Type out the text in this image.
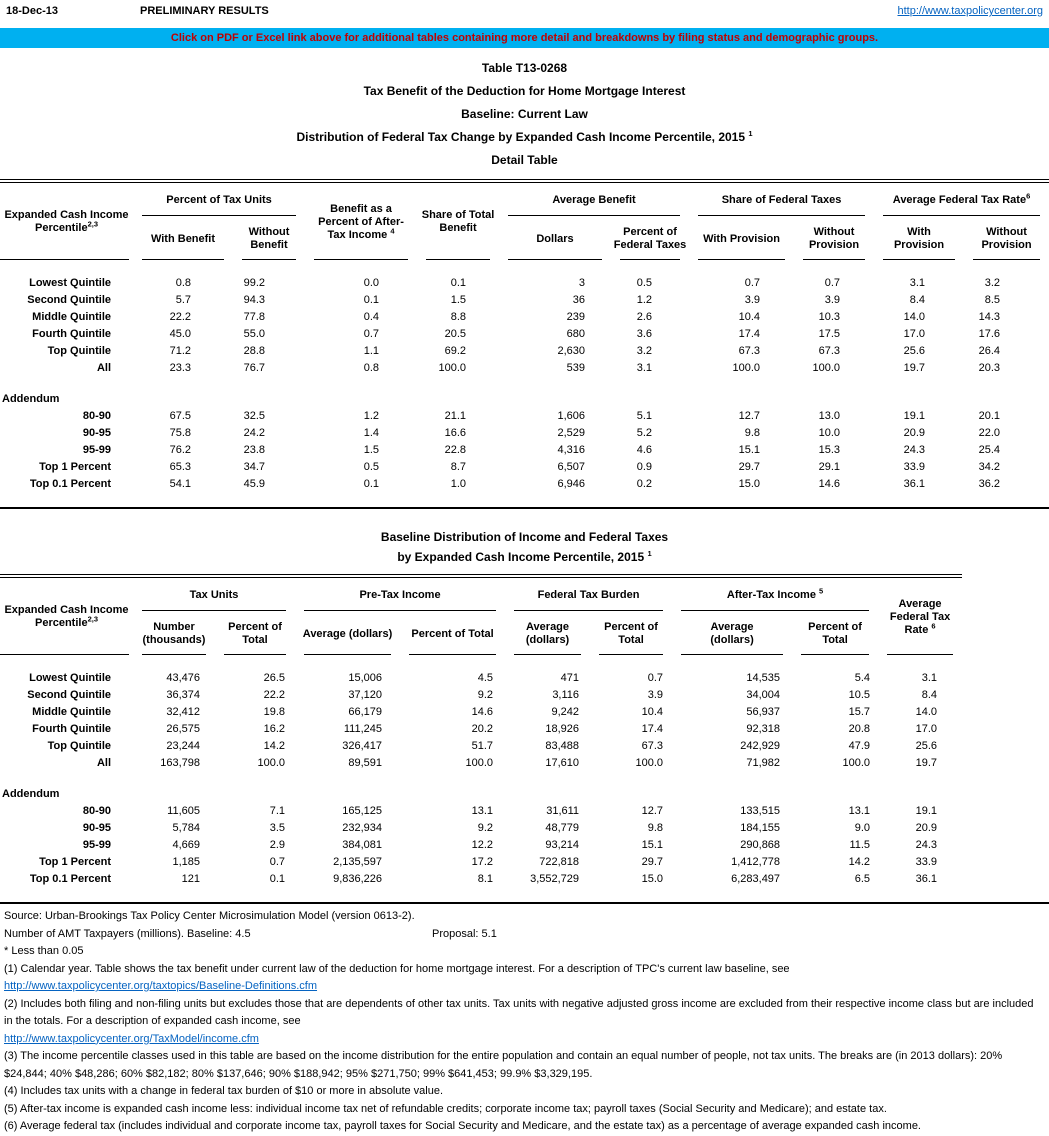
18-Dec-13	PRELIMINARY RESULTS	http://www.taxpolicycenter.org
Click on PDF or Excel link above for additional tables containing more detail and breakdowns by filing status and demographic groups.
Table T13-0268
Tax Benefit of the Deduction for Home Mortgage Interest
Baseline: Current Law
Distribution of Federal Tax Change by Expanded Cash Income Percentile, 2015 $^1$
Detail Table
Expanded Cash Income
Percentile$^{2,3}$	Percent of Tax Units		Benefit as a Percent of After-Tax Income $^4$	Share of Total Benefit	Average Benefit		Share of Federal Taxes		Average Federal Tax Rate$^6$
	With Benefit	Without Benefit			Dollars	Percent of Federal Taxes	With Provision	Without Provision	With Provision	Without Provision

Lowest Quintile	0.8	99.2	0.0	0.1	3	0.5	0.7	0.7	3.1	3.2
Second Quintile	5.7	94.3	0.1	1.5	36	1.2	3.9	3.9	8.4	8.5
Middle Quintile	22.2	77.8	0.4	8.8	239	2.6	10.4	10.3	14.0	14.3
Fourth Quintile	45.0	55.0	0.7	20.5	680	3.6	17.4	17.5	17.0	17.6
Top Quintile	71.2	28.8	1.1	69.2	2,630	3.2	67.3	67.3	25.6	26.4
All	23.3	76.7	0.8	100.0	539	3.1	100.0	100.0	19.7	20.3

Addendum										
80-90	67.5	32.5	1.2	21.1	1,606	5.1	12.7	13.0	19.1	20.1
90-95	75.8	24.2	1.4	16.6	2,529	5.2	9.8	10.0	20.9	22.0
95-99	76.2	23.8	1.5	22.8	4,316	4.6	15.1	15.3	24.3	25.4
Top 1 Percent	65.3	34.7	0.5	8.7	6,507	0.9	29.7	29.1	33.9	34.2
Top 0.1 Percent	54.1	45.9	0.1	1.0	6,946	0.2	15.0	14.6	36.1	36.2

Baseline Distribution of Income and Federal Taxes
by Expanded Cash Income Percentile, 2015 $^1$
Expanded Cash Income
Percentile$^{2,3}$	Tax Units		Pre-Tax Income		Federal Tax Burden		After-Tax Income $^5$		Average Federal Tax Rate $^6$
	Number (thousands)	Percent of Total	Average (dollars)	Percent of Total	Average (dollars)	Percent of Total	Average (dollars)	Percent of Total	

Lowest Quintile	43,476	26.5	15,006	4.5	471	0.7	14,535	5.4	3.1
Second Quintile	36,374	22.2	37,120	9.2	3,116	3.9	34,004	10.5	8.4
Middle Quintile	32,412	19.8	66,179	14.6	9,242	10.4	56,937	15.7	14.0
Fourth Quintile	26,575	16.2	111,245	20.2	18,926	17.4	92,318	20.8	17.0
Top Quintile	23,244	14.2	326,417	51.7	83,488	67.3	242,929	47.9	25.6
All	163,798	100.0	89,591	100.0	17,610	100.0	71,982	100.0	19.7

Addendum									
80-90	11,605	7.1	165,125	13.1	31,611	12.7	133,515	13.1	19.1
90-95	5,784	3.5	232,934	9.2	48,779	9.8	184,155	9.0	20.9
95-99	4,669	2.9	384,081	12.2	93,214	15.1	290,868	11.5	24.3
Top 1 Percent	1,185	0.7	2,135,597	17.2	722,818	29.7	1,412,778	14.2	33.9
Top 0.1 Percent	121	0.1	9,836,226	8.1	3,552,729	15.0	6,283,497	6.5	36.1

Source: Urban-Brookings Tax Policy Center Microsimulation Model (version 0613-2).
Number of AMT Taxpayers (millions). Baseline: 4.5	Proposal: 5.1
* Less than 0.05
(1) Calendar year. Table shows the tax benefit under current law of the deduction for home mortgage interest. For a description of TPC's current law baseline, see
http://www.taxpolicycenter.org/taxtopics/Baseline-Definitions.cfm
(2) Includes both filing and non-filing units but excludes those that are dependents of other tax units. Tax units with negative adjusted gross income are excluded from their respective income class but are included in the totals. For a description of expanded cash income, see
http://www.taxpolicycenter.org/TaxModel/income.cfm
(3) The income percentile classes used in this table are based on the income distribution for the entire population and contain an equal number of people, not tax units. The breaks are (in 2013 dollars): 20% $24,844; 40% $48,286; 60% $82,182; 80% $137,646; 90% $188,942; 95% $271,750; 99% $641,453; 99.9% $3,329,195.
(4) Includes tax units with a change in federal tax burden of $10 or more in absolute value.
(5) After-tax income is expanded cash income less: individual income tax net of refundable credits; corporate income tax; payroll taxes (Social Security and Medicare); and estate tax.
(6) Average federal tax (includes individual and corporate income tax, payroll taxes for Social Security and Medicare, and the estate tax) as a percentage of average expanded cash income.
